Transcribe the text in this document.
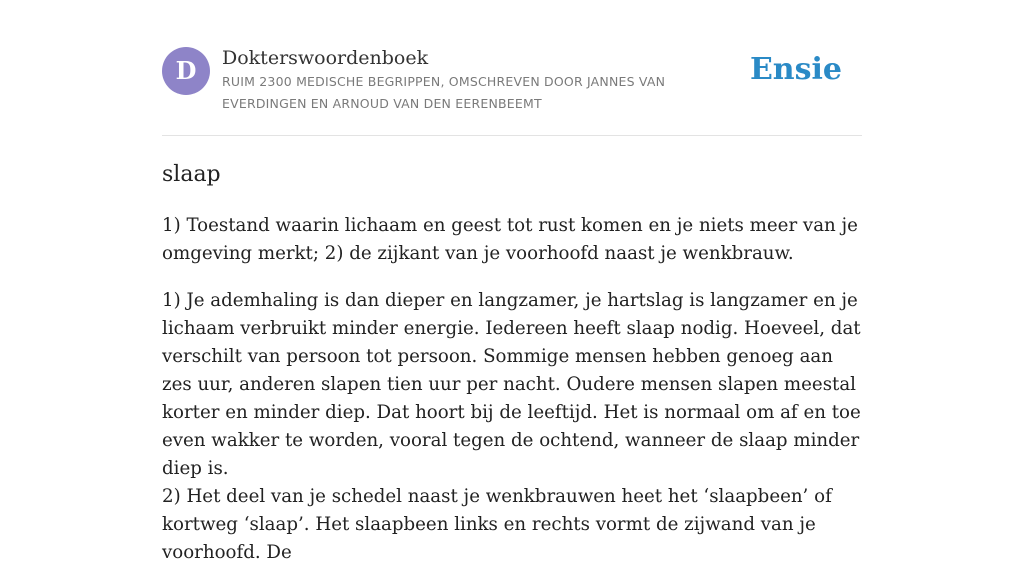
D	Dokterswoordenboek
RUIM 2300 MEDISCHE BEGRIPPEN, OMSCHREVEN DOOR JANNES VAN EVERDINGEN EN ARNOUD VAN DEN EERENBEEMT
Ensie
slaap

1) Toestand waarin lichaam en geest tot rust komen en je niets meer van je omgeving merkt; 2) de zijkant van je voorhoofd naast je wenkbrauw.

1) Je ademhaling is dan dieper en langzamer, je hartslag is langzamer en je lichaam verbruikt minder energie. Iedereen heeft slaap nodig. Hoeveel, dat verschilt van persoon tot persoon. Sommige mensen hebben genoeg aan zes uur, anderen slapen tien uur per nacht. Oudere mensen slapen meestal korter en minder diep. Dat hoort bij de leeftijd. Het is normaal om af en toe even wakker te worden, vooral tegen de ochtend, wanneer de slaap minder diep is.

2) Het deel van je schedel naast je wenkbrauwen heet het ‘slaapbeen’ of kortweg ‘slaap’. Het slaapbeen links en rechts vormt de zijwand van je voorhoofd. De
